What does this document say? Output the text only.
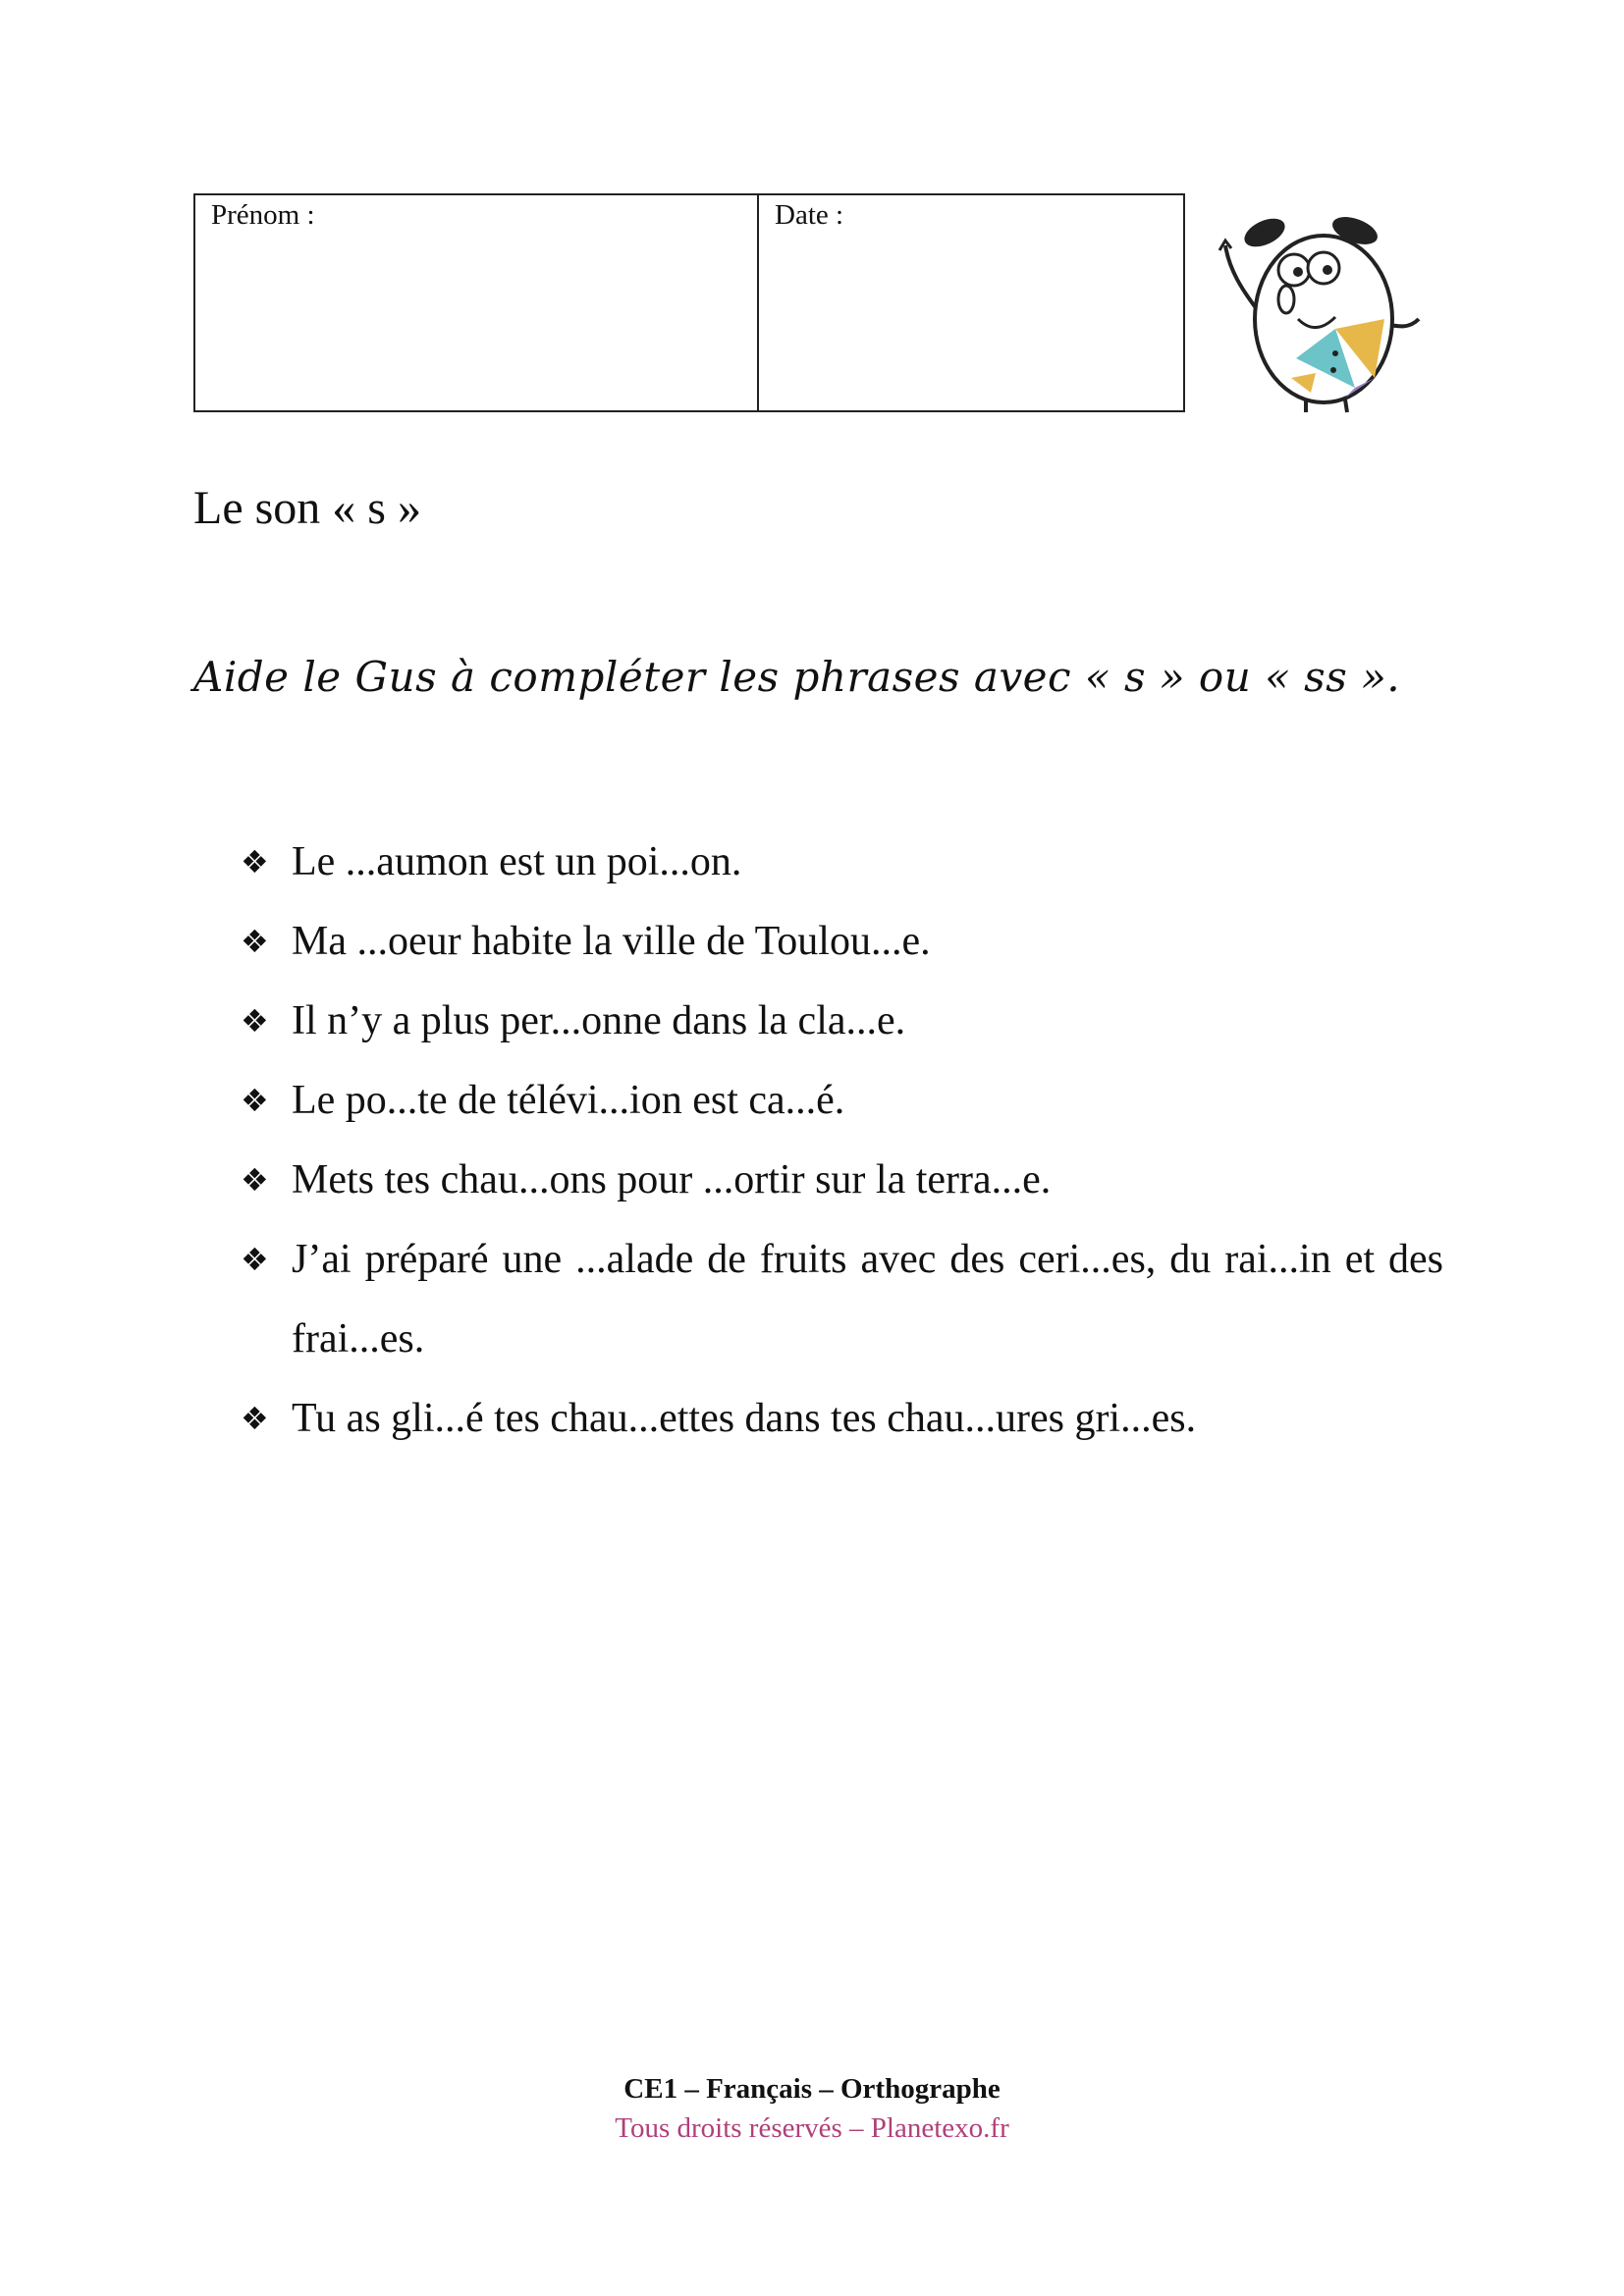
Prénom :	Date :
Le son « s »
Aide le Gus à compléter les phrases avec « s » ou « ss ».
❖ Le ...aumon est un poi...on.
❖ Ma ...oeur habite la ville de Toulou...e.
❖ Il n’y a plus per...onne dans la cla...e.
❖ Le po...te de télévi...ion est ca...é.
❖ Mets tes chau...ons pour ...ortir sur la terra...e.
❖ J’ai préparé une ...alade de fruits avec des ceri...es, du rai...in et des frai...es.
❖ Tu as gli...é tes chau...ettes dans tes chau...ures gri...es.
CE1 – Français – Orthographe
Tous droits réservés – Planetexo.fr
